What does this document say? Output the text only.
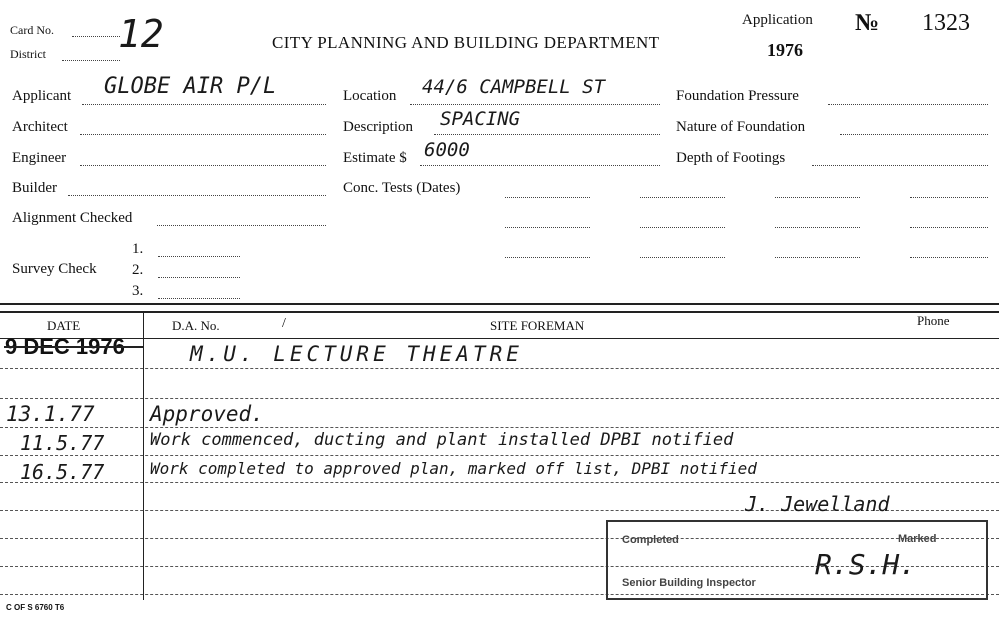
Card No. 12
District
CITY PLANNING AND BUILDING DEPARTMENT
Application
1976
№ 1323
Applicant GLOBE AIR P/L
Architect
Engineer
Builder
Alignment Checked
Survey Check
1.
2.
3.
Location 44/6 CAMPBELL ST
Description SPACING
Estimate $ 6000
Conc. Tests (Dates)
Foundation Pressure
Nature of Foundation
Depth of Footings
DATE	D.A. No.	/	SITE FOREMAN	Phone
9 DEC 1976	M.U. LECTURE THEATRE
13.1.77	Approved.
11.5.77	Work commenced, ducting and plant installed DPBI notified
16.5.77	Work completed to approved plan, marked off list, DPBI notified
J. Jewelland
Completed	Marked
Senior Building Inspector
R.S.H.
C OF S 6760 T6
